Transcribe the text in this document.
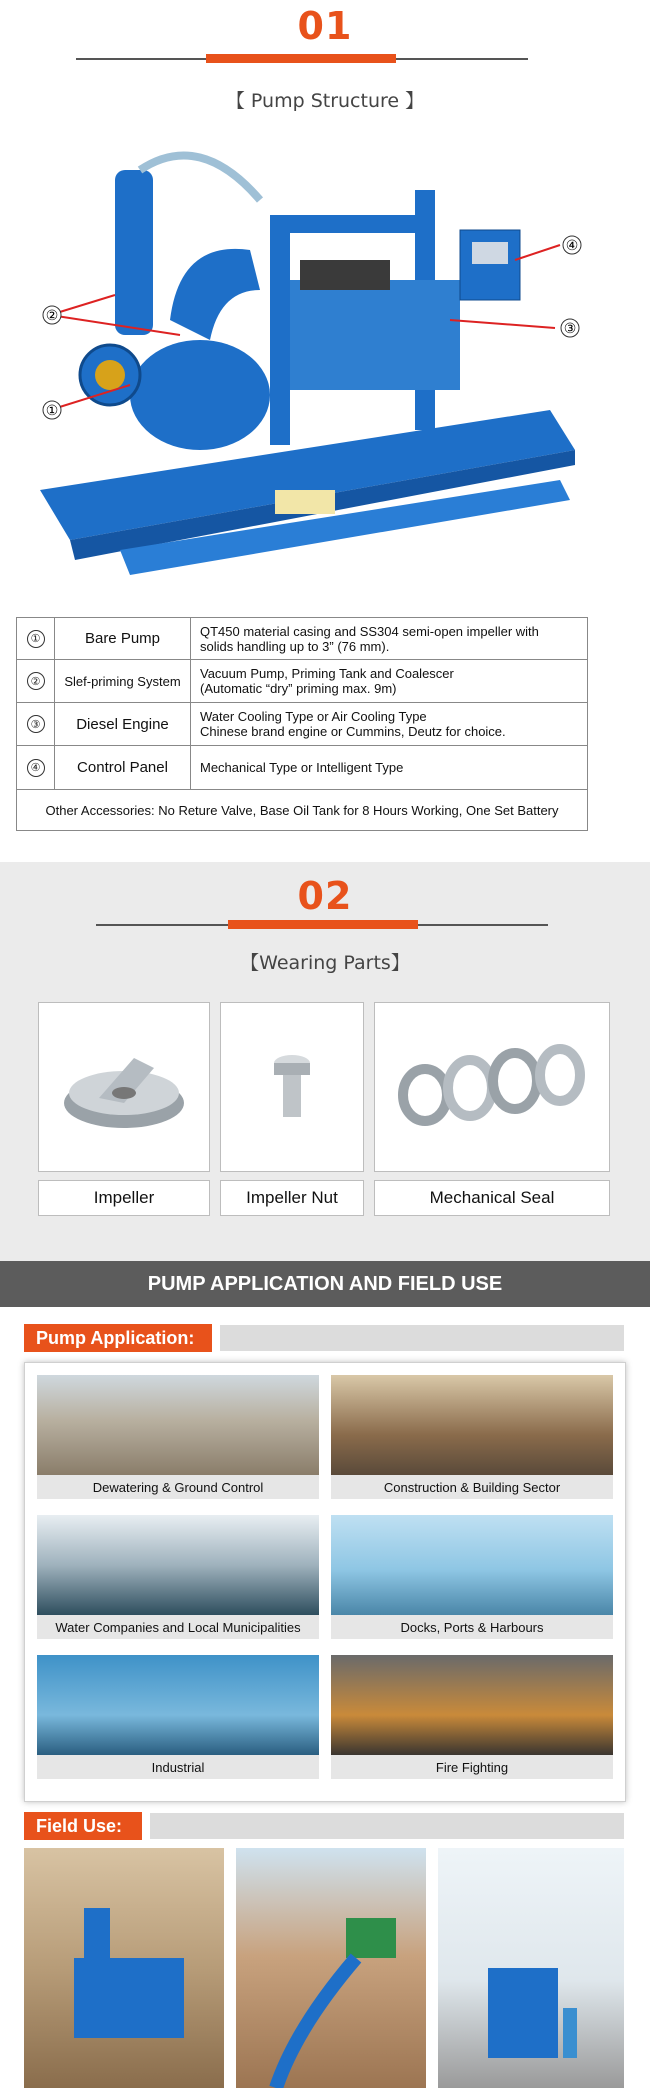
01
【 Pump Structure 】
①
②
③
④
①	Bare Pump	QT450 material casing and SS304 semi-open impeller with
solids handling up to 3” (76 mm).
②	Slef-priming System	Vacuum Pump, Priming Tank and Coalescer
(Automatic “dry” priming max. 9m)
③	Diesel Engine	Water Cooling Type or Air Cooling Type
Chinese brand engine or Cummins, Deutz for choice.
④	Control Panel	Mechanical Type or Intelligent Type
Other Accessories: No Reture Valve, Base Oil Tank for 8 Hours Working, One Set Battery
02
【Wearing Parts】
Impeller	Impeller Nut	Mechanical Seal
PUMP APPLICATION AND FIELD USE
Pump Application:
Dewatering & Ground Control	Construction & Building Sector
Water Companies and Local Municipalities	Docks, Ports & Harbours
Industrial	Fire Fighting
Field Use:
